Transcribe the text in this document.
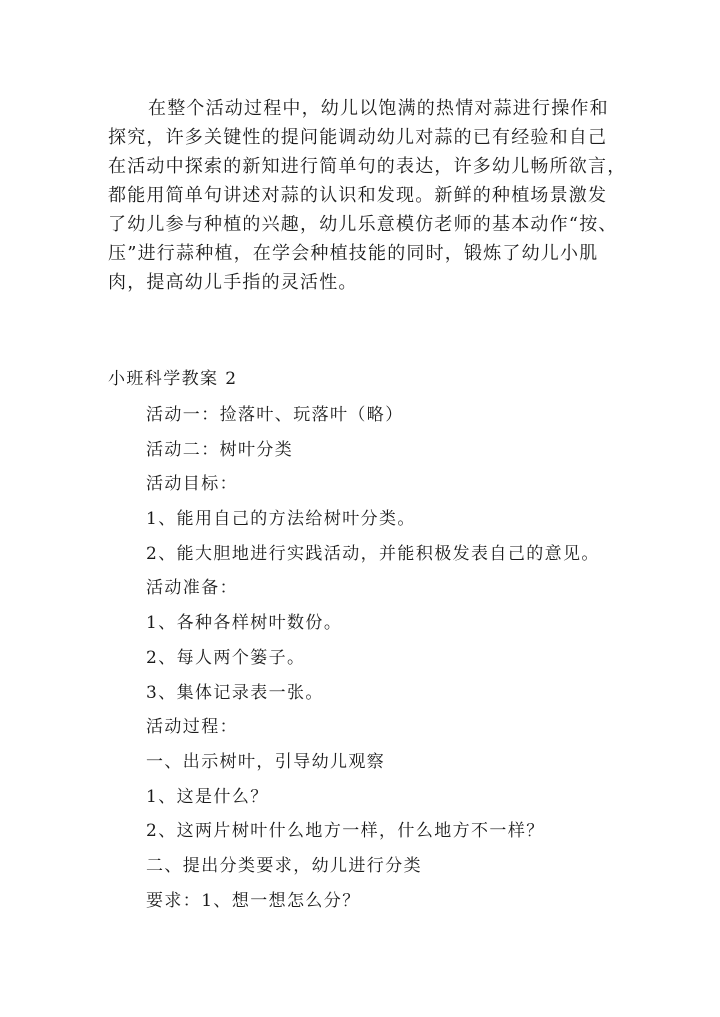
在整个活动过程中，幼儿以饱满的热情对蒜进行操作和
探究，许多关键性的提问能调动幼儿对蒜的已有经验和自己
在活动中探索的新知进行简单句的表达，许多幼儿畅所欲言，
都能用简单句讲述对蒜的认识和发现。新鲜的种植场景激发
了幼儿参与种植的兴趣，幼儿乐意模仿老师的基本动作“按、
压”进行蒜种植，在学会种植技能的同时，锻炼了幼儿小肌
肉，提高幼儿手指的灵活性。

小班科学教案 2
活动一：捡落叶、玩落叶（略）
活动二：树叶分类
活动目标：
1、能用自己的方法给树叶分类。
2、能大胆地进行实践活动，并能积极发表自己的意见。
活动准备：
1、各种各样树叶数份。
2、每人两个篓子。
3、集体记录表一张。
活动过程：
一、出示树叶，引导幼儿观察
1、这是什么？
2、这两片树叶什么地方一样，什么地方不一样？
二、提出分类要求，幼儿进行分类
要求：1、想一想怎么分？
